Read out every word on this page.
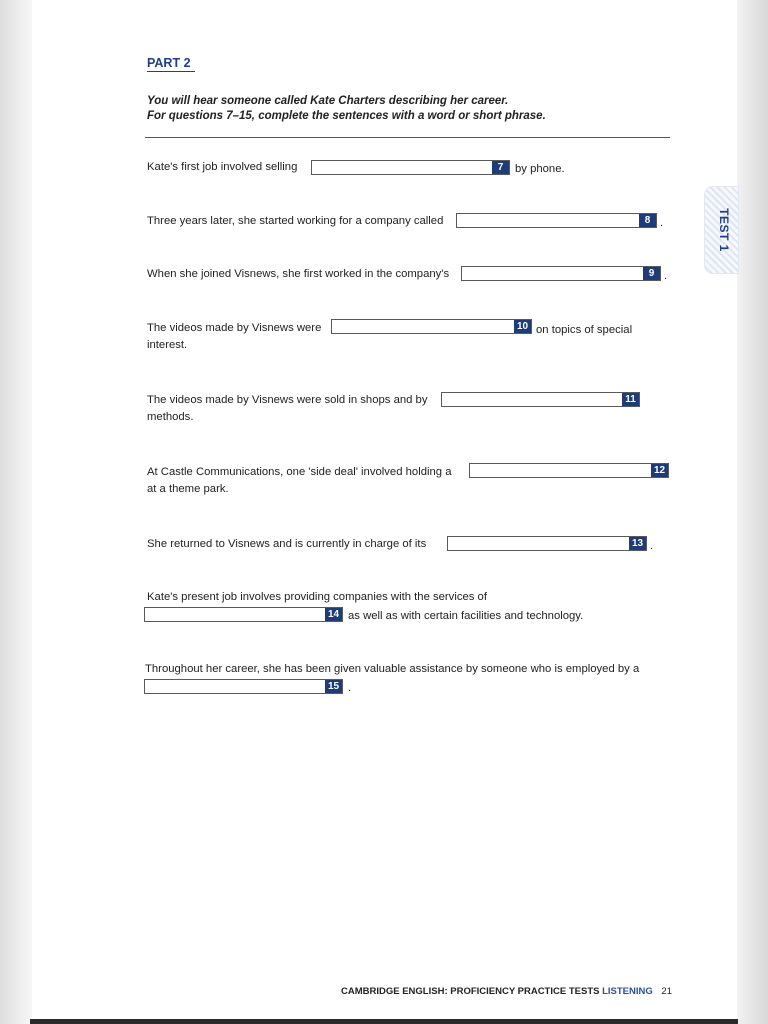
PART 2
You will hear someone called Kate Charters describing her career.
For questions 7–15, complete the sentences with a word or short phrase.
TEST 1
Kate's first job involved selling	7	by phone.
Three years later, she started working for a company called	8 .
When she joined Visnews, she first worked in the company's	9 .
The videos made by Visnews were	10 on topics of special
interest.
The videos made by Visnews were sold in shops and by	11
methods.
At Castle Communications, one 'side deal' involved holding a	12
at a theme park.
She returned to Visnews and is currently in charge of its	13 .
Kate's present job involves providing companies with the services of
14 as well as with certain facilities and technology.
Throughout her career, she has been given valuable assistance by someone who is employed by a
15 .
CAMBRIDGE ENGLISH: PROFICIENCY PRACTICE TESTS LISTENING 21
